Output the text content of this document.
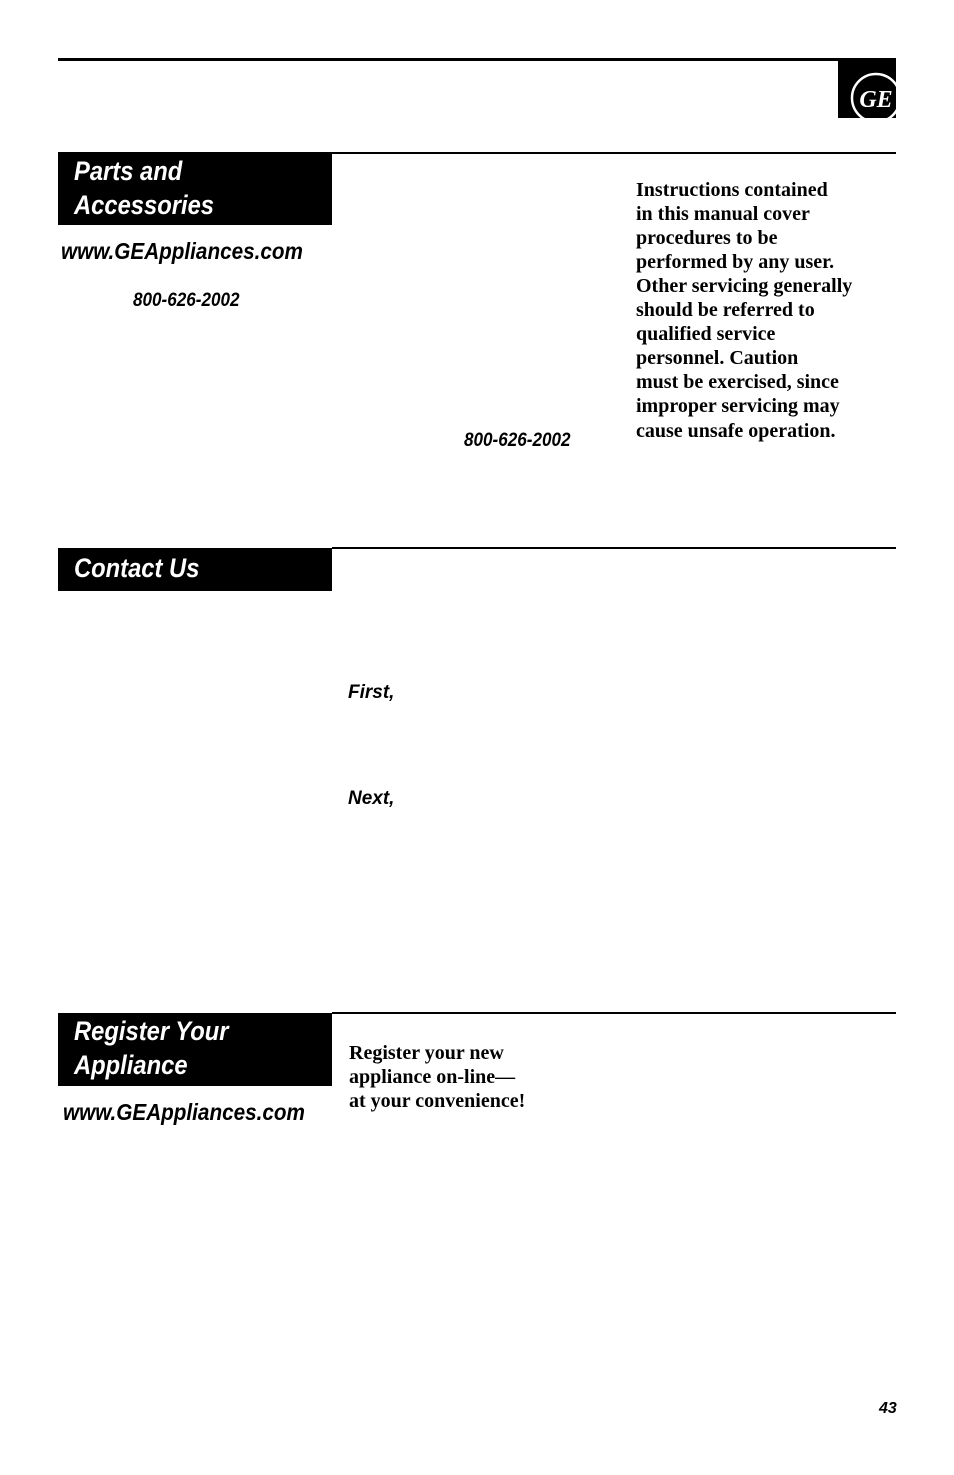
GE
Parts and
Accessories
www.GEAppliances.com
800-626-2002
800-626-2002
Instructions contained
in this manual cover
procedures to be
performed by any user.
Other servicing generally
should be referred to
qualified service
personnel. Caution
must be exercised, since
improper servicing may
cause unsafe operation.
Contact Us
First,
Next,
Register Your
Appliance
www.GEAppliances.com
Register your new
appliance on-line—
at your convenience!
43
